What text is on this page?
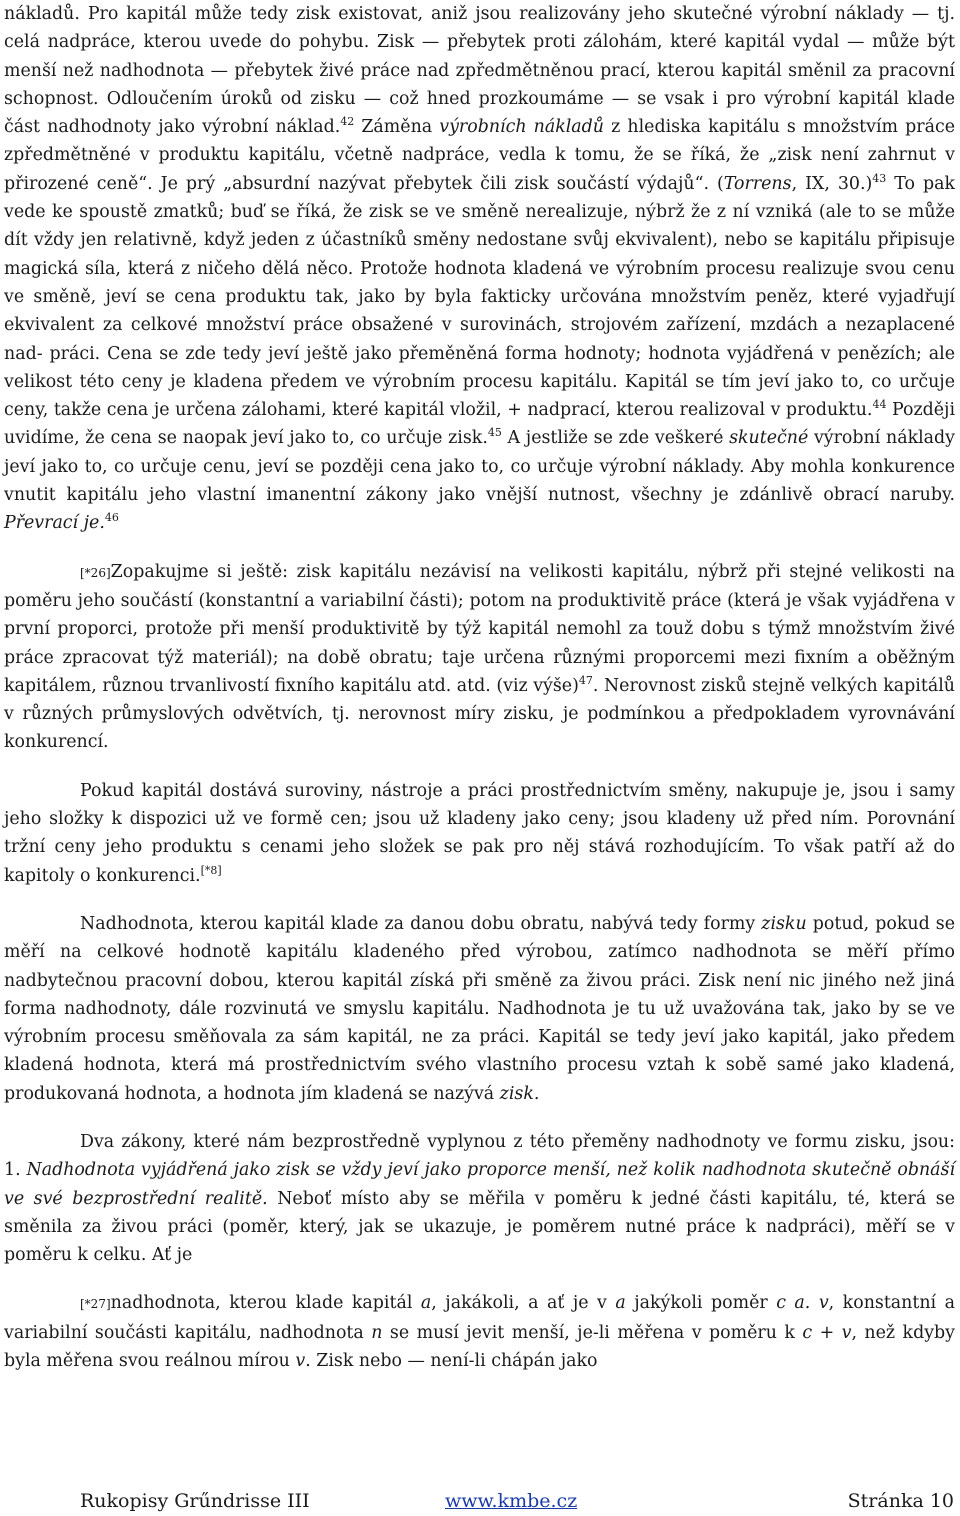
nákladů. Pro kapitál může tedy zisk existovat, aniž jsou realizovány jeho skutečné výrobní náklady — tj. celá nadpráce, kterou uvede do pohybu. Zisk — přebytek proti zálohám, které kapitál vydal — může být menší než nadhodnota — přebytek živé práce nad zpředmětněnou prací, kterou kapitál směnil za pracovní schopnost. Odloučením úroků od zisku — což hned prozkoumáme — se vsak i pro výrobní kapitál klade část nadhodnoty jako výrobní náklad.$^{42}$ Záměna výrobních nákladů z hlediska kapitálu s množstvím práce zpředmětněné v produktu kapitálu, včetně nadpráce, vedla k tomu, že se říká, že „zisk není zahrnut v přirozené ceně“. Je prý „absurdní nazývat přebytek čili zisk součástí výdajů“. (Torrens, IX, 30.)$^{43}$ To pak vede ke spoustě zmatků; buď se říká, že zisk se ve směně nerealizuje, nýbrž že z ní vzniká (ale to se může dít vždy jen relativně, když jeden z účastníků směny nedostane svůj ekvivalent), nebo se kapitálu připisuje magická síla, která z ničeho dělá něco. Protože hodnota kladená ve výrobním procesu realizuje svou cenu ve směně, jeví se cena produktu tak, jako by byla fakticky určována množstvím peněz, které vyjadřují ekvivalent za celkové množství práce obsažené v surovinách, strojovém zařízení, mzdách a nezaplacené nad- práci. Cena se zde tedy jeví ještě jako přeměněná forma hodnoty; hodnota vyjádřená v penězích; ale velikost této ceny je kladena předem ve výrobním procesu kapitálu. Kapitál se tím jeví jako to, co určuje ceny, takže cena je určena zálohami, které kapitál vložil, + nadprací, kterou realizoval v produktu.$^{44}$ Později uvidíme, že cena se naopak jeví jako to, co určuje zisk.$^{45}$ A jestliže se zde veškeré skutečné výrobní náklady jeví jako to, co určuje cenu, jeví se později cena jako to, co určuje výrobní náklady. Aby mohla konkurence vnutit kapitálu jeho vlastní imanentní zákony jako vnější nutnost, všechny je zdánlivě obrací naruby. Převrací je.$^{46}$

[*26]Zopakujme si ještě: zisk kapitálu nezávisí na velikosti kapitálu, nýbrž při stejné velikosti na poměru jeho součástí (konstantní a variabilní části); potom na produktivitě práce (která je však vyjádřena v první proporci, protože při menší produktivitě by týž kapitál nemohl za touž dobu s týmž množstvím živé práce zpracovat týž materiál); na době obratu; taje určena různými proporcemi mezi fixním a oběžným kapitálem, různou trvanlivostí fixního kapitálu atd. atd. (viz výše)$^{47}$. Nerovnost zisků stejně velkých kapitálů v různých průmyslových odvětvích, tj. nerovnost míry zisku, je podmínkou a předpokladem vyrovnávání konkurencí.

Pokud kapitál dostává suroviny, nástroje a práci prostřednictvím směny, nakupuje je, jsou i samy jeho složky k dispozici už ve formě cen; jsou už kladeny jako ceny; jsou kladeny už před ním. Porovnání tržní ceny jeho produktu s cenami jeho složek se pak pro něj stává rozhodujícím. To však patří až do kapitoly o konkurenci.[*8]

Nadhodnota, kterou kapitál klade za danou dobu obratu, nabývá tedy formy zisku potud, pokud se měří na celkové hodnotě kapitálu kladeného před výrobou, zatímco nadhodnota se měří přímo nadbytečnou pracovní dobou, kterou kapitál získá při směně za živou práci. Zisk není nic jiného než jiná forma nadhodnoty, dále rozvinutá ve smyslu kapitálu. Nadhodnota je tu už uvažována tak, jako by se ve výrobním procesu směňovala za sám kapitál, ne za práci. Kapitál se tedy jeví jako kapitál, jako předem kladená hodnota, která má prostřednictvím svého vlastního procesu vztah k sobě samé jako kladená, produkovaná hodnota, a hodnota jím kladená se nazývá zisk.

Dva zákony, které nám bezprostředně vyplynou z této přeměny nadhodnoty ve formu zisku, jsou: 1. Nadhodnota vyjádřená jako zisk se vždy jeví jako proporce menší, než kolik nadhodnota skutečně obnáší ve své bezprostřední realitě. Neboť místo aby se měřila v poměru k jedné části kapitálu, té, která se směnila za živou práci (poměr, který, jak se ukazuje, je poměrem nutné práce k nadpráci), měří se v poměru k celku. Ať je

[*27]nadhodnota, kterou klade kapitál a, jakákoli, a ať je v a jakýkoli poměr c a. v, konstantní a variabilní součásti kapitálu, nadhodnota n se musí jevit menší, je-li měřena v poměru k c + v, než kdyby byla měřena svou reálnou mírou v. Zisk nebo — není-li chápán jako

Rukopisy Grűndrisse III	www.kmbe.cz	Stránka 10
